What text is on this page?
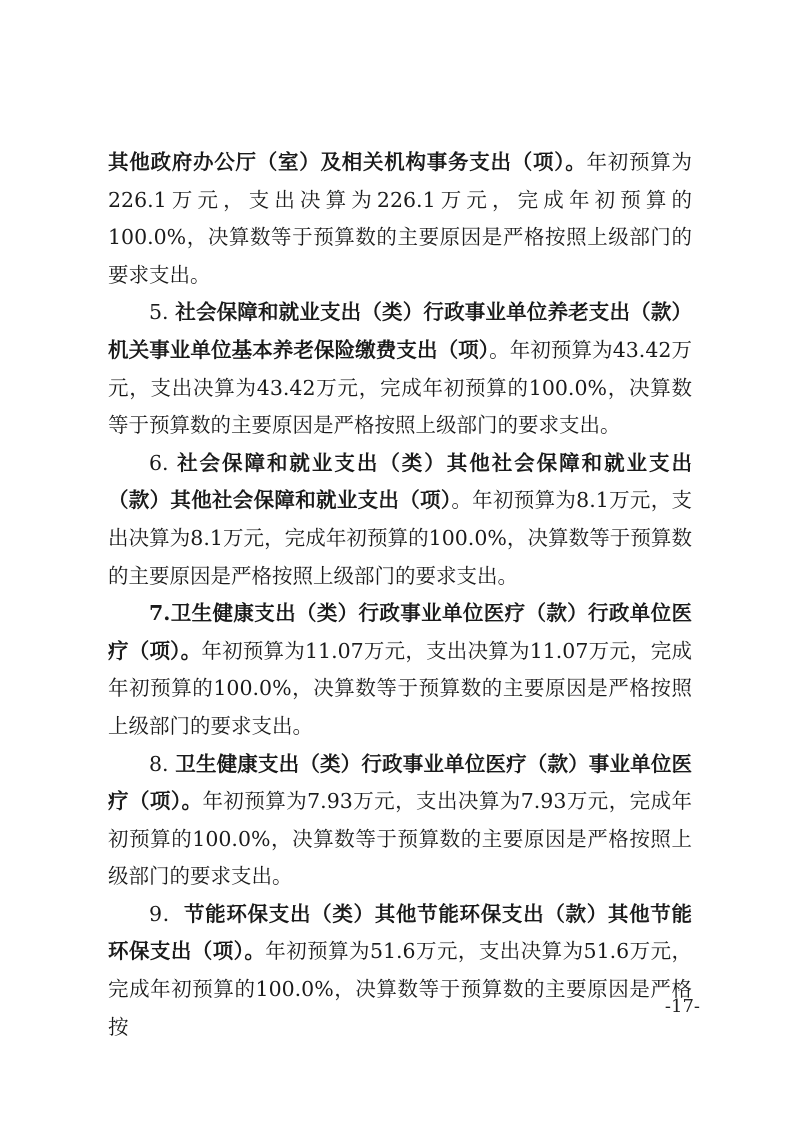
其他政府办公厅（室）及相关机构事务支出（项）。年初预算为226.1万元，支出决算为226.1万元，完成年初预算的100.0%，决算数等于预算数的主要原因是严格按照上级部门的要求支出。

5. 社会保障和就业支出（类）行政事业单位养老支出（款）机关事业单位基本养老保险缴费支出（项）。年初预算为43.42万元，支出决算为43.42万元，完成年初预算的100.0%，决算数等于预算数的主要原因是严格按照上级部门的要求支出。

6. 社会保障和就业支出（类）其他社会保障和就业支出（款）其他社会保障和就业支出（项）。年初预算为8.1万元，支出决算为8.1万元，完成年初预算的100.0%，决算数等于预算数的主要原因是严格按照上级部门的要求支出。

7.卫生健康支出（类）行政事业单位医疗（款）行政单位医疗（项）。年初预算为11.07万元，支出决算为11.07万元，完成年初预算的100.0%，决算数等于预算数的主要原因是严格按照上级部门的要求支出。

8. 卫生健康支出（类）行政事业单位医疗（款）事业单位医疗（项）。年初预算为7.93万元，支出决算为7.93万元，完成年初预算的100.0%，决算数等于预算数的主要原因是严格按照上级部门的要求支出。

9．节能环保支出（类）其他节能环保支出（款）其他节能环保支出（项）。年初预算为51.6万元，支出决算为51.6万元，完成年初预算的100.0%，决算数等于预算数的主要原因是严格按

-17-
